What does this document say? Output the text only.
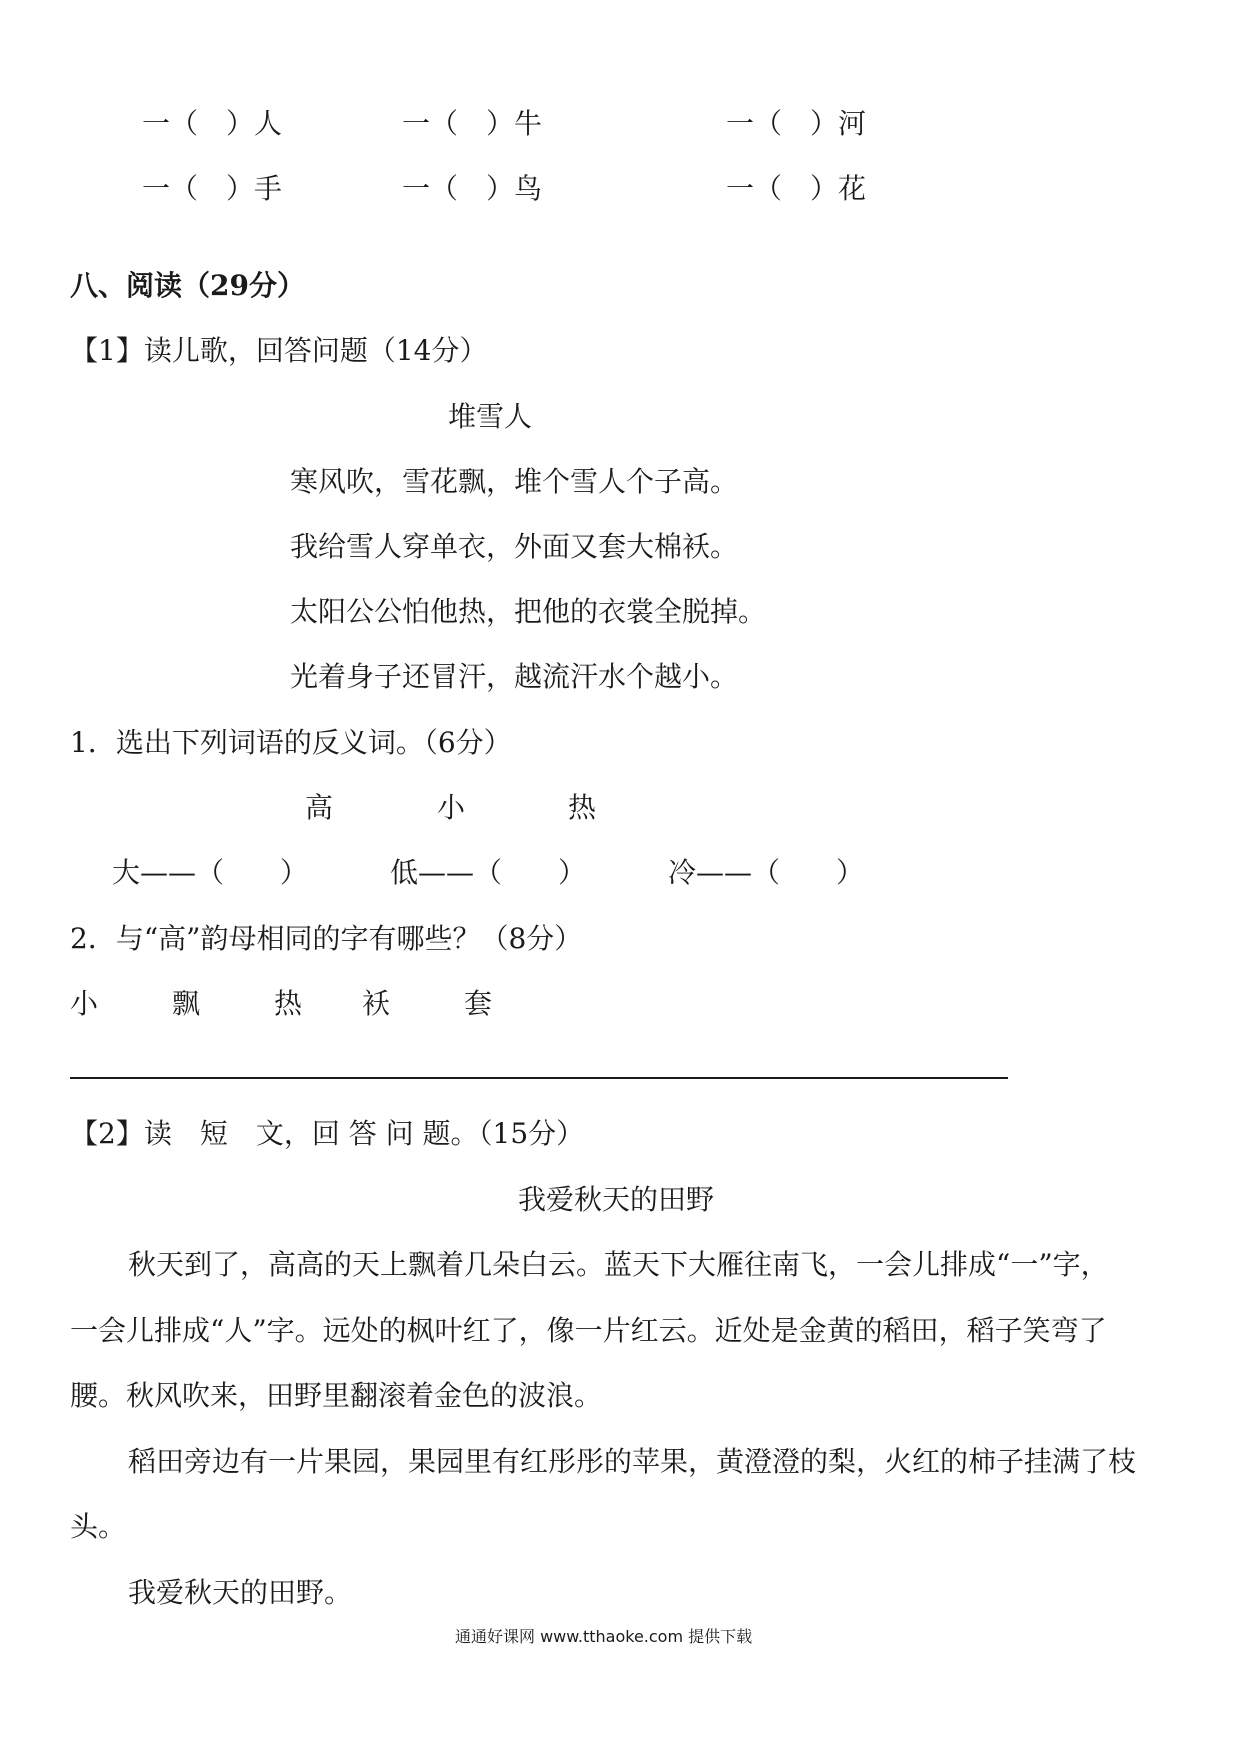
一（　）人	一（　）牛	一（　）河
一（　）手	一（　）鸟	一（　）花
八、阅读（29分）
【1】读儿歌，回答问题（14分）
堆雪人
寒风吹，雪花飘，堆个雪人个子高。
我给雪人穿单衣，外面又套大棉袄。
太阳公公怕他热，把他的衣裳全脱掉。
光着身子还冒汗，越流汗水个越小。
1．选出下列词语的反义词。（6分）
高	小	热
大——（　　）	低——（　　）	冷——（　　）
2．与“高”韵母相同的字有哪些？（8分）
小	飘	热 袄	套
【2】读　短　文，回 答 问 题。（15分）
我爱秋天的田野
秋天到了，高高的天上飘着几朵白云。蓝天下大雁往南飞，一会儿排成“一”字，
一会儿排成“人”字。远处的枫叶红了，像一片红云。近处是金黄的稻田，稻子笑弯了
腰。秋风吹来，田野里翻滚着金色的波浪。
稻田旁边有一片果园，果园里有红彤彤的苹果，黄澄澄的梨，火红的柿子挂满了枝
头。
我爱秋天的田野。
通通好课网 www.tthaoke.com 提供下载
